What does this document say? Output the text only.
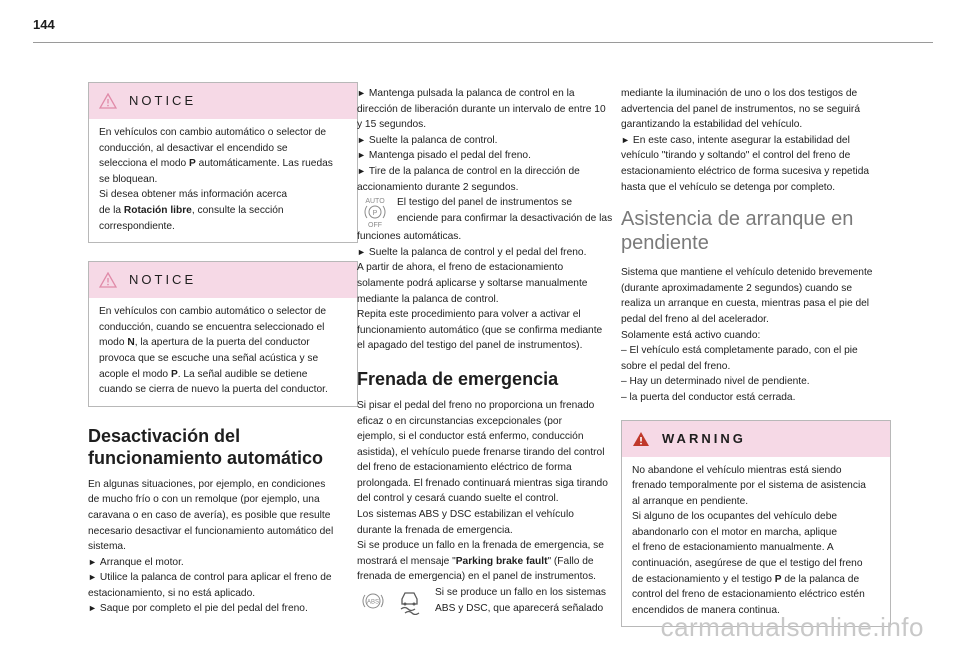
144
NOTICE

En vehículos con cambio automático o selector de

conducción, al desactivar el encendido se

selecciona el modo P automáticamente. Las ruedas

se bloquean.

Si desea obtener más información acerca

de la Rotación libre, consulte la sección

correspondiente.

NOTICE

En vehículos con cambio automático o selector de

conducción, cuando se encuentra seleccionado el

modo N, la apertura de la puerta del conductor

provoca que se escuche una señal acústica y se

acople el modo P. La señal audible se detiene

cuando se cierra de nuevo la puerta del conductor.

Desactivación del
funcionamiento automático

En algunas situaciones, por ejemplo, en condiciones

de mucho frío o con un remolque (por ejemplo, una

caravana o en caso de avería), es posible que resulte

necesario desactivar el funcionamiento automático del

sistema.

► Arranque el motor.

► Utilice la palanca de control para aplicar el freno de

estacionamiento, si no está aplicado.

► Saque por completo el pie del pedal del freno.

► Mantenga pulsada la palanca de control en la

dirección de liberación durante un intervalo de entre 10

y 15 segundos.

► Suelte la palanca de control.

► Mantenga pisado el pedal del freno.

► Tire de la palanca de control en la dirección de

accionamiento durante 2 segundos.

AUTO
P
OFF

El testigo del panel de instrumentos se

enciende para confirmar la desactivación de las

funciones automáticas.

► Suelte la palanca de control y el pedal del freno.

A partir de ahora, el freno de estacionamiento

solamente podrá aplicarse y soltarse manualmente

mediante la palanca de control.

Repita este procedimiento para volver a activar el

funcionamiento automático (que se confirma mediante

el apagado del testigo del panel de instrumentos).

Frenada de emergencia

Si pisar el pedal del freno no proporciona un frenado

eficaz o en circunstancias excepcionales (por

ejemplo, si el conductor está enfermo, conducción

asistida), el vehículo puede frenarse tirando del control

del freno de estacionamiento eléctrico de forma

prolongada. El frenado continuará mientras siga tirando

del control y cesará cuando suelte el control.

Los sistemas ABS y DSC estabilizan el vehículo

durante la frenada de emergencia.

Si se produce un fallo en la frenada de emergencia, se

mostrará el mensaje "Parking brake fault" (Fallo de

frenada de emergencia) en el panel de instrumentos.

ABS

Si se produce un fallo en los sistemas

ABS y DSC, que aparecerá señalado

mediante la iluminación de uno o los dos testigos de

advertencia del panel de instrumentos, no se seguirá

garantizando la estabilidad del vehículo.

► En este caso, intente asegurar la estabilidad del

vehículo "tirando y soltando" el control del freno de

estacionamiento eléctrico de forma sucesiva y repetida

hasta que el vehículo se detenga por completo.

Asistencia de arranque en
pendiente

Sistema que mantiene el vehículo detenido brevemente

(durante aproximadamente 2 segundos) cuando se

realiza un arranque en cuesta, mientras pasa el pie del

pedal del freno al del acelerador.

Solamente está activo cuando:

– El vehículo está completamente parado, con el pie

sobre el pedal del freno.

– Hay un determinado nivel de pendiente.

– la puerta del conductor está cerrada.

WARNING

No abandone el vehículo mientras está siendo

frenado temporalmente por el sistema de asistencia

al arranque en pendiente.

Si alguno de los ocupantes del vehículo debe

abandonarlo con el motor en marcha, aplique

el freno de estacionamiento manualmente. A

continuación, asegúrese de que el testigo del freno

de estacionamiento y el testigo P de la palanca de

control del freno de estacionamiento eléctrico estén

encendidos de manera continua.

carmanualsonline.info
